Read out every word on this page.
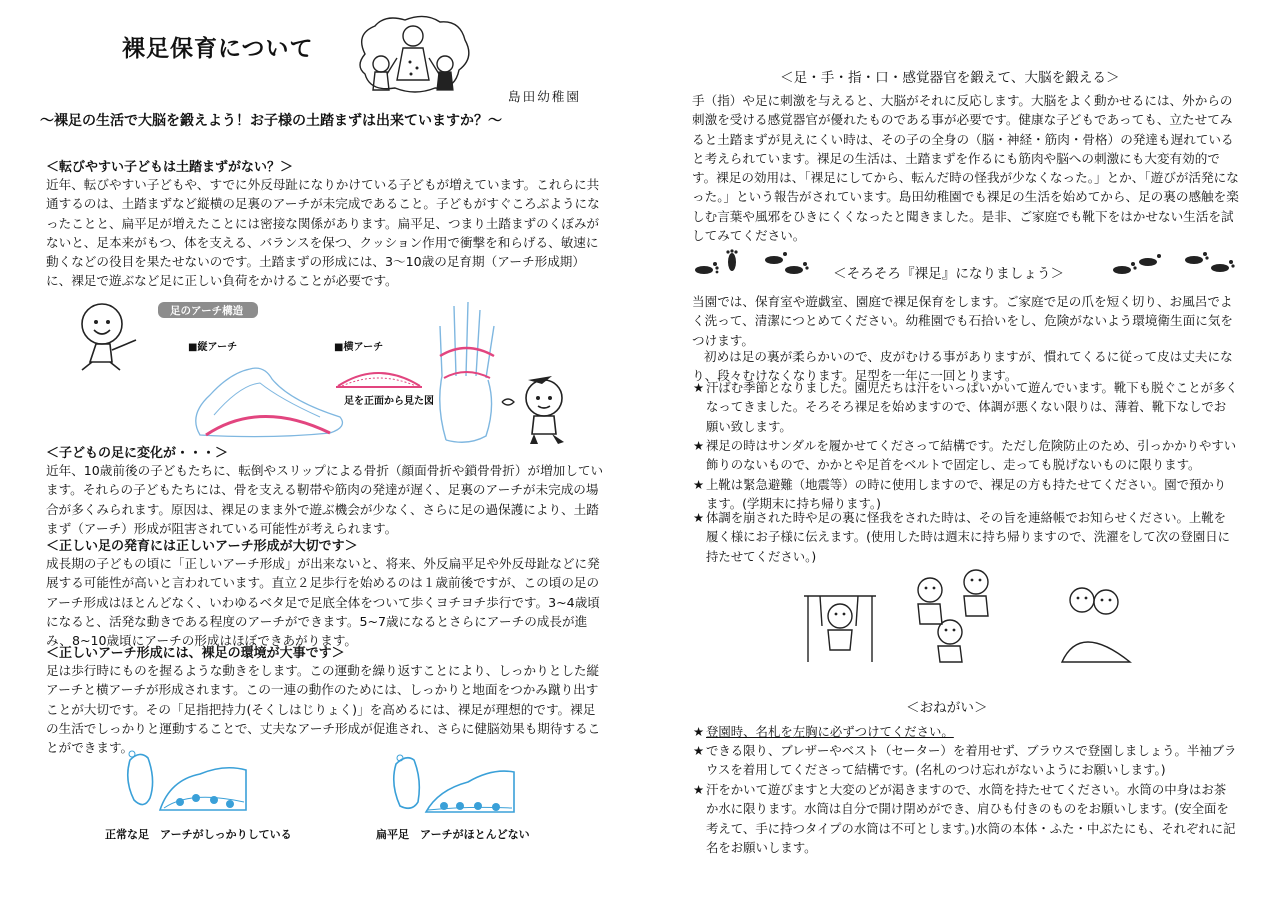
裸足保育について
島田幼稚園
～裸足の生活で大脳を鍛えよう！お子様の土踏まずは出来ていますか？～
＜転びやすい子どもは土踏まずがない？＞

近年、転びやすい子どもや、すでに外反母趾になりかけている子どもが増えています。これらに共通するのは、土踏まずなど縦横の足裏のアーチが未完成であること。子どもがすぐころぶようになったことと、扁平足が増えたことには密接な関係があります。扁平足、つまり土踏まずのくぼみがないと、足本来がもつ、体を支える、バランスを保つ、クッション作用で衝撃を和らげる、敏速に動くなどの役目を果たせないのです。土踏まずの形成には、3～10歳の足育期（アーチ形成期）に、裸足で遊ぶなど足に正しい負荷をかけることが必要です。

足のアーチ構造
■縦アーチ	■横アーチ
足を正面から見た図
＜子どもの足に変化が・・・＞

近年、10歳前後の子どもたちに、転倒やスリップによる骨折（顔面骨折や鎖骨骨折）が増加しています。それらの子どもたちには、骨を支える靭帯や筋肉の発達が遅く、足裏のアーチが未完成の場合が多くみられます。原因は、裸足のまま外で遊ぶ機会が少なく、さらに足の過保護により、土踏まず（アーチ）形成が阻害されている可能性が考えられます。

＜正しい足の発育には正しいアーチ形成が大切です＞

成長期の子どもの頃に「正しいアーチ形成」が出来ないと、将来、外反扁平足や外反母趾などに発展する可能性が高いと言われています。直立２足歩行を始めるのは１歳前後ですが、この頃の足のアーチ形成はほとんどなく、いわゆるベタ足で足底全体をついて歩くヨチヨチ歩行です。3~4歳頃になると、活発な動きである程度のアーチができます。5~7歳になるとさらにアーチの成長が進み、8~10歳頃にアーチの形成はほぼできあがります。

＜正しいアーチ形成には、裸足の環境が大事です＞

足は歩行時にものを握るような動きをします。この運動を繰り返すことにより、しっかりとした縦アーチと横アーチが形成されます。この一連の動作のためには、しっかりと地面をつかみ蹴り出すことが大切です。その「足指把持力(そくしはじりょく)」を高めるには、裸足が理想的です。裸足の生活でしっかりと運動することで、丈夫なアーチ形成が促進され、さらに健脳効果も期待することができます。

正常な足　アーチがしっかりしている	扁平足　アーチがほとんどない
＜足・手・指・口・感覚器官を鍛えて、大脳を鍛える＞

手（指）や足に刺激を与えると、大脳がそれに反応します。大脳をよく動かせるには、外からの刺激を受ける感覚器官が優れたものである事が必要です。健康な子どもであっても、立たせてみると土踏まずが見えにくい時は、その子の全身の（脳・神経・筋肉・骨格）の発達も遅れていると考えられています。裸足の生活は、土踏まずを作るにも筋肉や脳への刺激にも大変有効的です。裸足の効用は、「裸足にしてから、転んだ時の怪我が少なくなった。」とか、「遊びが活発になった。」という報告がされています。島田幼稚園でも裸足の生活を始めてから、足の裏の感触を楽しむ言葉や風邪をひきにくくなったと聞きました。是非、ご家庭でも靴下をはかせない生活を試してみてください。

＜そろそろ『裸足』になりましょう＞

当園では、保育室や遊戯室、園庭で裸足保育をします。ご家庭で足の爪を短く切り、お風呂でよく洗って、清潔につとめてください。幼稚園でも石拾いをし、危険がないよう環境衛生面に気をつけます。

初めは足の裏が柔らかいので、皮がむける事がありますが、慣れてくるに従って皮は丈夫になり、段々むけなくなります。足型を一年に一回とります。

★ 汗ばむ季節となりました。園児たちは汗をいっぱいかいて遊んでいます。靴下も脱ぐことが多くなってきました。そろそろ裸足を始めますので、体調が悪くない限りは、薄着、靴下なしでお願い致します。
★ 裸足の時はサンダルを履かせてくださって結構です。ただし危険防止のため、引っかかりやすい飾りのないもので、かかとや足首をベルトで固定し、走っても脱げないものに限ります。
★ 上靴は緊急避難（地震等）の時に使用しますので、裸足の方も持たせてください。園で預かります。(学期末に持ち帰ります。)
★ 体調を崩された時や足の裏に怪我をされた時は、その旨を連絡帳でお知らせください。上靴を履く様にお子様に伝えます。(使用した時は週末に持ち帰りますので、洗濯をして次の登園日に持たせてください。)
＜おねがい＞
★ 登園時、名札を左胸に必ずつけてください。
★ できる限り、ブレザーやベスト（セーター）を着用せず、ブラウスで登園しましょう。半袖ブラウスを着用してくださって結構です。(名札のつけ忘れがないようにお願いします。)
★ 汗をかいて遊びますと大変のどが渇きますので、水筒を持たせてください。水筒の中身はお茶か水に限ります。水筒は自分で開け閉めができ、肩ひも付きのものをお願いします。(安全面を考えて、手に持つタイプの水筒は不可とします。)水筒の本体・ふた・中ぶたにも、それぞれに記名をお願いします。
